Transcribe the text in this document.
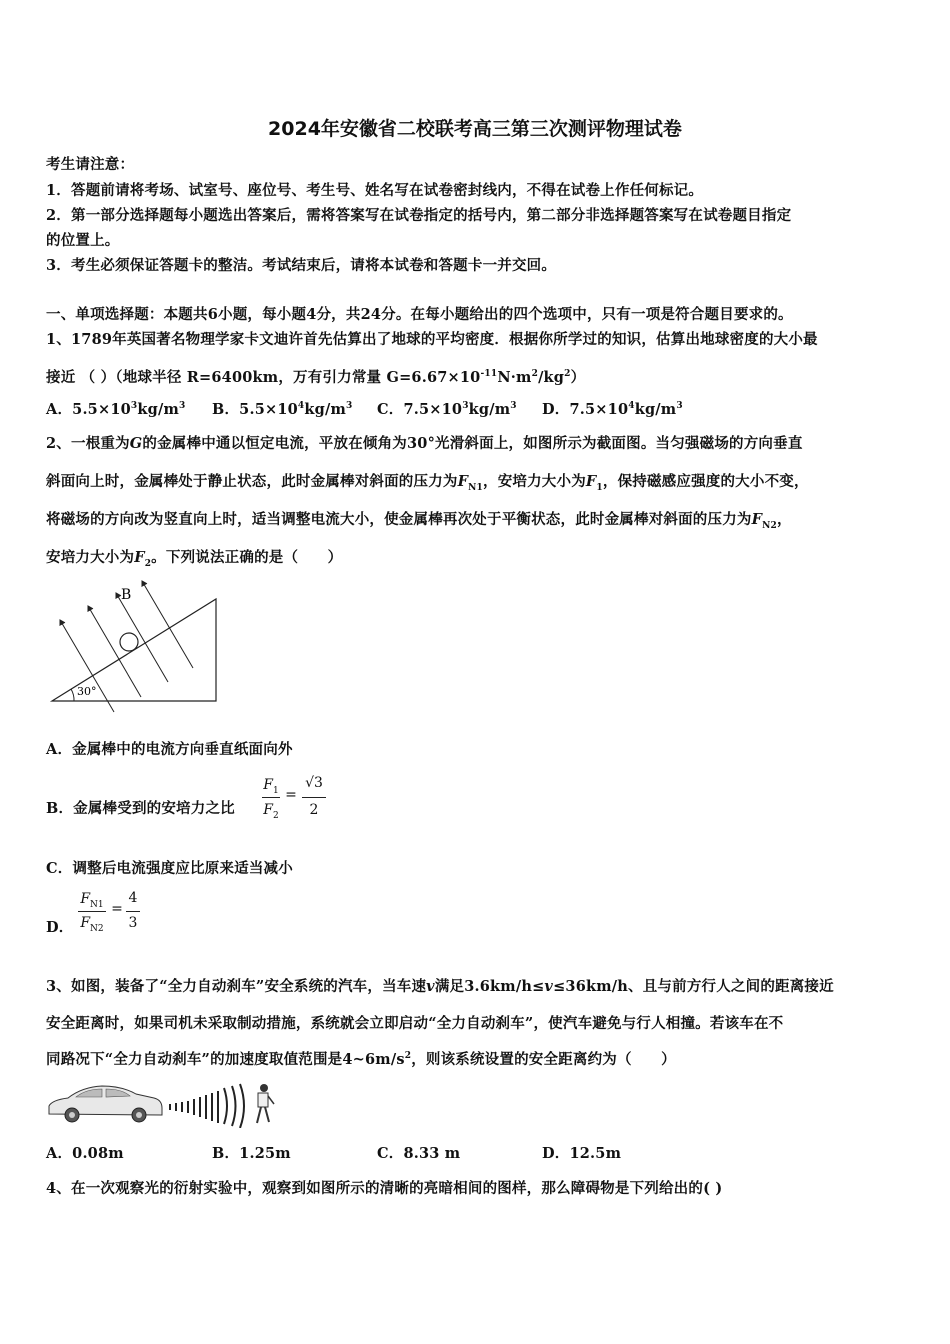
2024年安徽省二校联考高三第三次测评物理试卷
考生请注意：
1．答题前请将考场、试室号、座位号、考生号、姓名写在试卷密封线内，不得在试卷上作任何标记。
2．第一部分选择题每小题选出答案后，需将答案写在试卷指定的括号内，第二部分非选择题答案写在试卷题目指定
的位置上。
3．考生必须保证答题卡的整洁。考试结束后，请将本试卷和答题卡一并交回。
一、单项选择题：本题共6小题，每小题4分，共24分。在每小题给出的四个选项中，只有一项是符合题目要求的。
1、1789年英国著名物理学家卡文迪许首先估算出了地球的平均密度．根据你所学过的知识，估算出地球密度的大小最
接近 （ ）（地球半径 R=6400km，万有引力常量 $G=6.67\times 10^{-11}N\cdot m^2/kg^2$）
A．$5.5\times 10^3kg/m^3$ B．$5.5\times 10^4kg/m^3$ C．$7.5\times 10^3kg/m^3$ D．$7.5\times 10^4kg/m^3$
2、一根重为G的金属棒中通以恒定电流，平放在倾角为30°光滑斜面上，如图所示为截面图。当匀强磁场的方向垂直
斜面向上时，金属棒处于静止状态，此时金属棒对斜面的压力为$F_{N1}$，安培力大小为$F_1$，保持磁感应强度的大小不变，
将磁场的方向改为竖直向上时，适当调整电流大小，使金属棒再次处于平衡状态，此时金属棒对斜面的压力为$F_{N2}$，
安培力大小为$F_2$。下列说法正确的是（　　）
30°
B
A．金属棒中的电流方向垂直纸面向外
B．金属棒受到的安培力之比
$F_1$
$F_2$
=
√3
2
C．调整后电流强度应比原来适当减小
D．
$F_{N1}$
$F_{N2}$
=
4
3
3、如图，装备了“全力自动刹车”安全系统的汽车，当车速v满足3.6km/h≤v≤36km/h、且与前方行人之间的距离接近
安全距离时，如果司机未采取制动措施，系统就会立即启动“全力自动刹车”，使汽车避免与行人相撞。若该车在不
同路况下“全力自动刹车”的加速度取值范围是$4\sim 6m/s^2$，则该系统设置的安全距离约为（　　）
A．0.08m	B．1.25m	C．8.33 m	D．12.5m
4、在一次观察光的衍射实验中，观察到如图所示的清晰的亮暗相间的图样，那么障碍物是下列给出的( )
